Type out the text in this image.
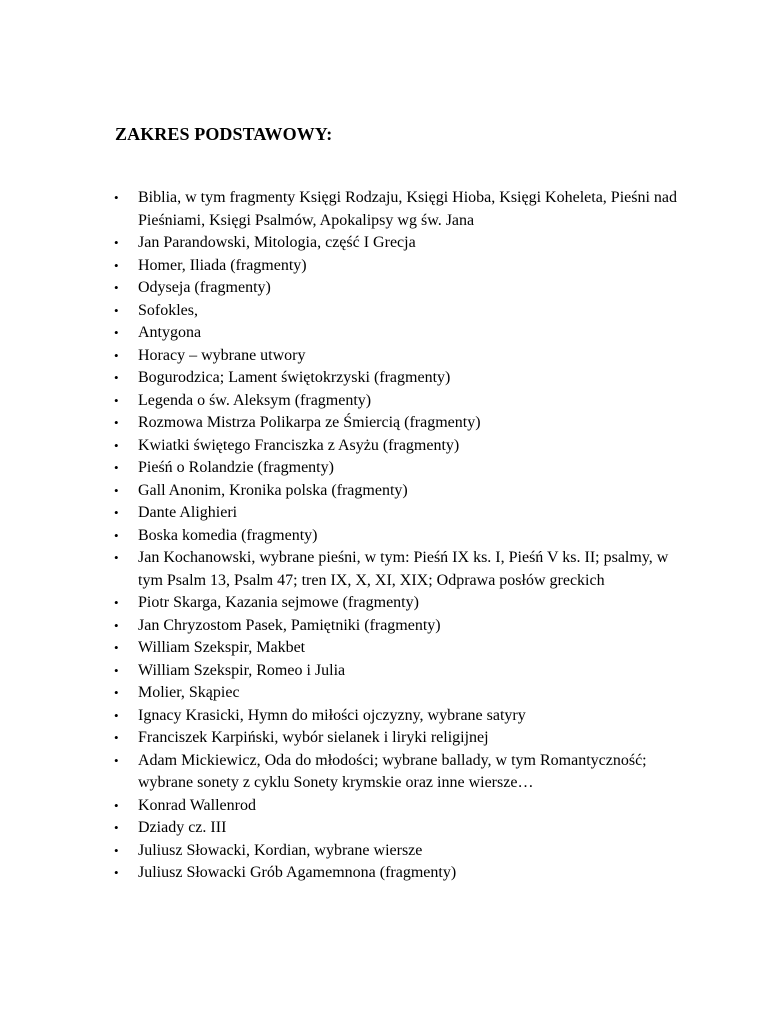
ZAKRES PODSTAWOWY:
• Biblia, w tym fragmenty Księgi Rodzaju, Księgi Hioba, Księgi Koheleta, Pieśni nad Pieśniami, Księgi Psalmów, Apokalipsy wg św. Jana
• Jan Parandowski, Mitologia, część I Grecja
• Homer, Iliada (fragmenty)
• Odyseja (fragmenty)
• Sofokles,
• Antygona
• Horacy – wybrane utwory
• Bogurodzica; Lament świętokrzyski (fragmenty)
• Legenda o św. Aleksym (fragmenty)
• Rozmowa Mistrza Polikarpa ze Śmiercią (fragmenty)
• Kwiatki świętego Franciszka z Asyżu (fragmenty)
• Pieśń o Rolandzie (fragmenty)
• Gall Anonim, Kronika polska (fragmenty)
• Dante Alighieri
• Boska komedia (fragmenty)
• Jan Kochanowski, wybrane pieśni, w tym: Pieśń IX ks. I, Pieśń V ks. II; psalmy, w tym Psalm 13, Psalm 47; tren IX, X, XI, XIX; Odprawa posłów greckich
• Piotr Skarga, Kazania sejmowe (fragmenty)
• Jan Chryzostom Pasek, Pamiętniki (fragmenty)
• William Szekspir, Makbet
• William Szekspir, Romeo i Julia
• Molier, Skąpiec
• Ignacy Krasicki, Hymn do miłości ojczyzny, wybrane satyry
• Franciszek Karpiński, wybór sielanek i liryki religijnej
• Adam Mickiewicz, Oda do młodości; wybrane ballady, w tym Romantyczność; wybrane sonety z cyklu Sonety krymskie oraz inne wiersze…
• Konrad Wallenrod
• Dziady cz. III
• Juliusz Słowacki, Kordian, wybrane wiersze
• Juliusz Słowacki Grób Agamemnona (fragmenty)
